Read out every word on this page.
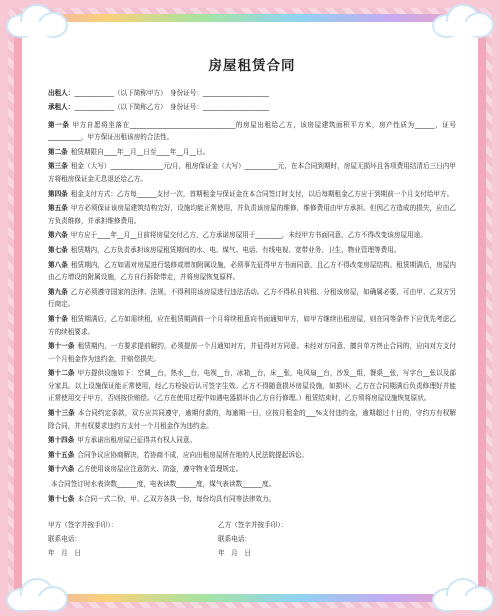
房屋租赁合同
出租人：____________（以下简称甲方）　身份证号：____________________
承租人：____________（以下简称乙方）　身份证号：____________________
第一条 甲方自愿将坐落在________________________________的房屋出租给乙方，该房屋建筑面积平方米，房产性质为______，证号__________，甲方保证出租该房的合法性。
第二条 租赁期限自____年__月__日至____年__月__日。
第三条 租金（大写）________________元/月，租房保证金（大写）__________元，在本合同到期时，房屋无损坏且各项费用结清后三日内甲方将租房保证金无息退还给乙方。
第四条 租金支付方式：乙方每______支付一次，首期租金与保证金在本合同签订时支付，以后每期租金乙方应于到期前一个月支付给甲方。
第五条 甲方必须保证该房屋建筑结构完好，设施均能正常使用，并负责该房屋的维修，维修费用由甲方承担。但因乙方造成的损失，应由乙方负责维修，并承担维修费用。
第六条 甲方应于____年__月__日前将房屋交付乙方，乙方承诺房屋用于________，未经甲方书面同意，乙方不得改变该房屋用途。
第七条 租赁期内，乙方负责承担该房屋租赁期间的水、电、煤气、电话、有线电视、宽带业务、卫生、物业管理等费用。
第八条 租赁期内，乙方如需对房屋进行装修或增加附属设施，必须事先征得甲方书面同意，且乙方不得改变房屋结构。租赁期满后，房屋内由乙方增设的附属设施，乙方自行拆除带走，并将房屋恢复原样。
第九条 乙方必须遵守国家的法律、法规，不得利用该房屋进行违法活动。乙方不得私自转租、分租该房屋，如确属必要，可由甲、乙双方另行商定。
第十条 租赁期满后，乙方如需续租，应在租赁期满前一个月将续租意向书面通知甲方，如甲方继续出租房屋，则在同等条件下应优先考虑乙方的续租要求。
第十一条 租赁期内，一方要求提前解约，必须提前一个月通知对方，并征得对方同意。未经对方同意，擅自单方终止合同的，应向对方支付一个月租金作为违约金，并赔偿损失。
第十二条 甲方提供设施如下：空调__台，热水__台，电视__台，冰箱__台，床__张，电风扇__台，沙发__组，餐桌__张，写字台__张以及部分家具。以上设施保证能正常使用，经乙方检验后认可签字生效。乙方不得随意损坏房屋设施，如损坏，乙方在合同期满后负责修理好并能正常使用交于甲方，否则按价赔偿。（乙方在使用过程中如遇电器损坏由乙方自行修理。）租赁结束时，乙方须将房屋设施恢复原状。
第十三条 本合同约定条款，双方应共同遵守，逾期付款的，每逾期一日，应按月租金的___%支付违约金，逾期超过十日的，守约方有权解除合同，并有权要求违约方支付一个月租金作为违约金。
第十四条 甲方承诺出租房屋已征得共有权人同意。
第十五条 合同争议应协商解决，若协商不成，应向出租房屋所在地的人民法院提起诉讼。
第十六条 乙方使用该房屋应注意防火、防盗，遵守物业管理规定。
本合同签订时水表读数______度，电表读数______度，煤气表读数______度。
第十七条 本合同一式二份，甲、乙双方各执一份，每份均具有同等法律效力。
甲方（签字并按手印）：	乙方（签字并按手印）：
联系电话：	联系电话：
年　月　日	年　月　日
